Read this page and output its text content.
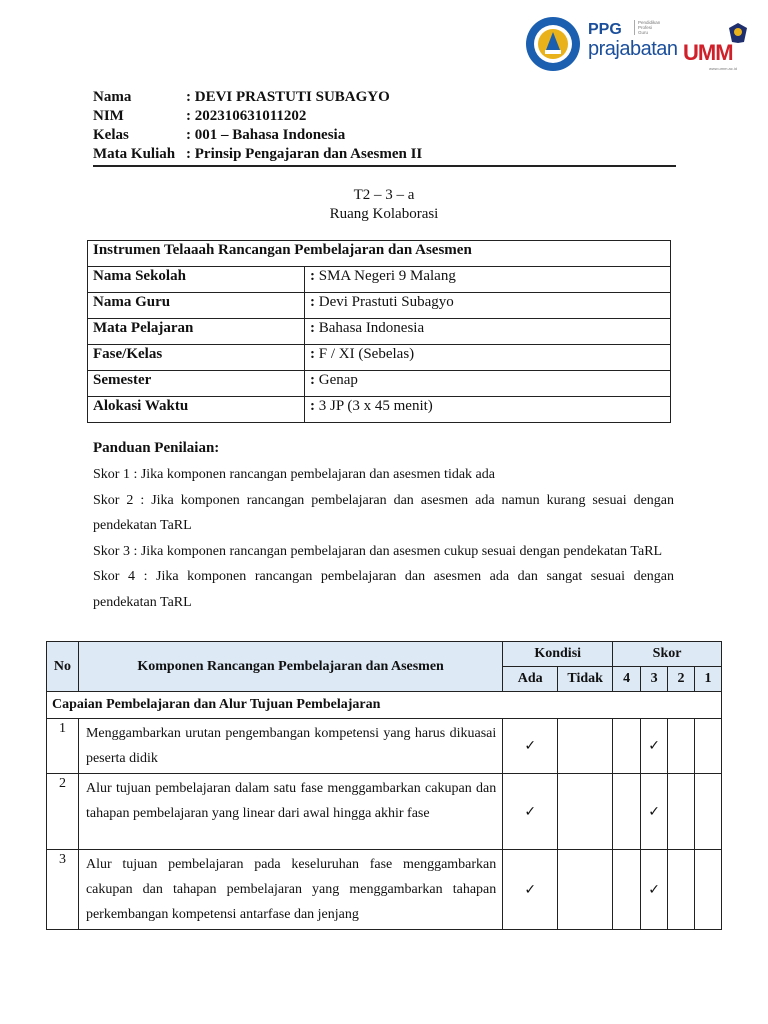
PPG	Pendidikan
Profesi
Guru
prajabatan UMM
www.umm.ac.id
Nama	: DEVI PRASTUTI SUBAGYO
NIM	: 202310631011202
Kelas	: 001 – Bahasa Indonesia
Mata Kuliah : Prinsip Pengajaran dan Asesmen II
T2 – 3 – a
Ruang Kolaborasi
Instrumen Telaaah Rancangan Pembelajaran dan Asesmen	
Nama Sekolah	: SMA Negeri 9 Malang
Nama Guru	: Devi Prastuti Subagyo
Mata Pelajaran	: Bahasa Indonesia
Fase/Kelas	: F / XI (Sebelas)
Semester	: Genap
Alokasi Waktu	: 3 JP (3 x 45 menit)
Panduan Penilaian:

Skor 1 : Jika komponen rancangan pembelajaran dan asesmen tidak ada

Skor 2 : Jika komponen rancangan pembelajaran dan asesmen ada namun kurang sesuai dengan pendekatan TaRL

Skor 3 : Jika komponen rancangan pembelajaran dan asesmen cukup sesuai dengan pendekatan TaRL

Skor 4 : Jika komponen rancangan pembelajaran dan asesmen ada dan sangat sesuai dengan pendekatan TaRL

No	Komponen Rancangan Pembelajaran dan Asesmen	Kondisi		Skor			
		Ada	Tidak	4	3	2	1
Capaian Pembelajaran dan Alur Tujuan Pembelajaran							
1	Menggambarkan urutan pengembangan kompetensi yang harus dikuasai peserta didik	✓			✓		
2	Alur tujuan pembelajaran dalam satu fase menggambarkan cakupan dan tahapan pembelajaran yang linear dari awal hingga akhir fase	✓			✓		
3	Alur tujuan pembelajaran pada keseluruhan fase menggambarkan cakupan dan tahapan pembelajaran yang menggambarkan tahapan perkembangan kompetensi antarfase dan jenjang	✓			✓		
